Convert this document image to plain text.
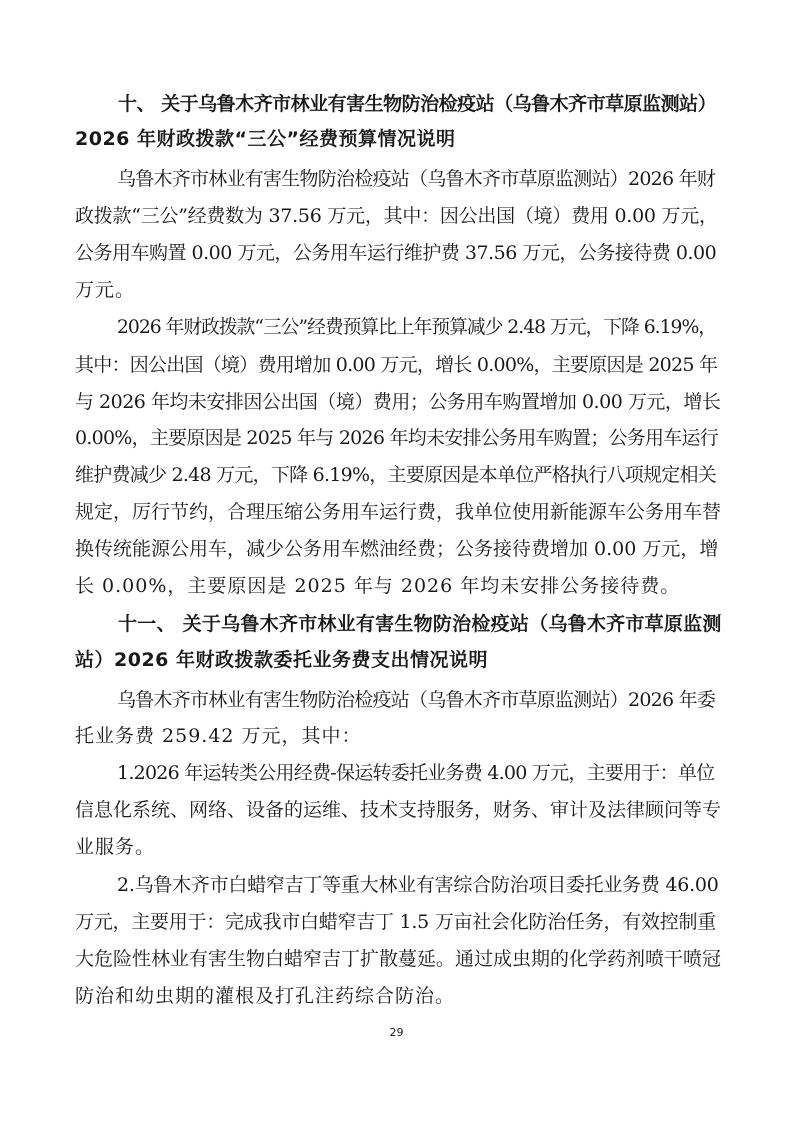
十、 关于乌鲁木齐市林业有害生物防治检疫站（乌鲁木齐市草原监测站）

2026 年财政拨款“三公”经费预算情况说明

乌鲁木齐市林业有害生物防治检疫站（乌鲁木齐市草原监测站）2026 年财

政拨款“三公”经费数为 37.56 万元，其中：因公出国（境）费用 0.00 万元，

公务用车购置 0.00 万元，公务用车运行维护费 37.56 万元，公务接待费 0.00

万元。

2026 年财政拨款“三公”经费预算比上年预算减少 2.48 万元，下降 6.19%，

其中：因公出国（境）费用增加 0.00 万元，增长 0.00%，主要原因是 2025 年

与 2026 年均未安排因公出国（境）费用；公务用车购置增加 0.00 万元，增长

0.00%，主要原因是 2025 年与 2026 年均未安排公务用车购置；公务用车运行

维护费减少 2.48 万元，下降 6.19%，主要原因是本单位严格执行八项规定相关

规定，厉行节约，合理压缩公务用车运行费，我单位使用新能源车公务用车替

换传统能源公用车，减少公务用车燃油经费；公务接待费增加 0.00 万元，增

长 0.00%，主要原因是 2025 年与 2026 年均未安排公务接待费。

十一、 关于乌鲁木齐市林业有害生物防治检疫站（乌鲁木齐市草原监测

站）2026 年财政拨款委托业务费支出情况说明

乌鲁木齐市林业有害生物防治检疫站（乌鲁木齐市草原监测站）2026 年委

托业务费 259.42 万元，其中：

1.2026 年运转类公用经费-保运转委托业务费 4.00 万元，主要用于：单位

信息化系统、网络、设备的运维、技术支持服务，财务、审计及法律顾问等专

业服务。

2.乌鲁木齐市白蜡窄吉丁等重大林业有害综合防治项目委托业务费 46.00

万元，主要用于：完成我市白蜡窄吉丁 1.5 万亩社会化防治任务，有效控制重

大危险性林业有害生物白蜡窄吉丁扩散蔓延。通过成虫期的化学药剂喷干喷冠

防治和幼虫期的灌根及打孔注药综合防治。

29
